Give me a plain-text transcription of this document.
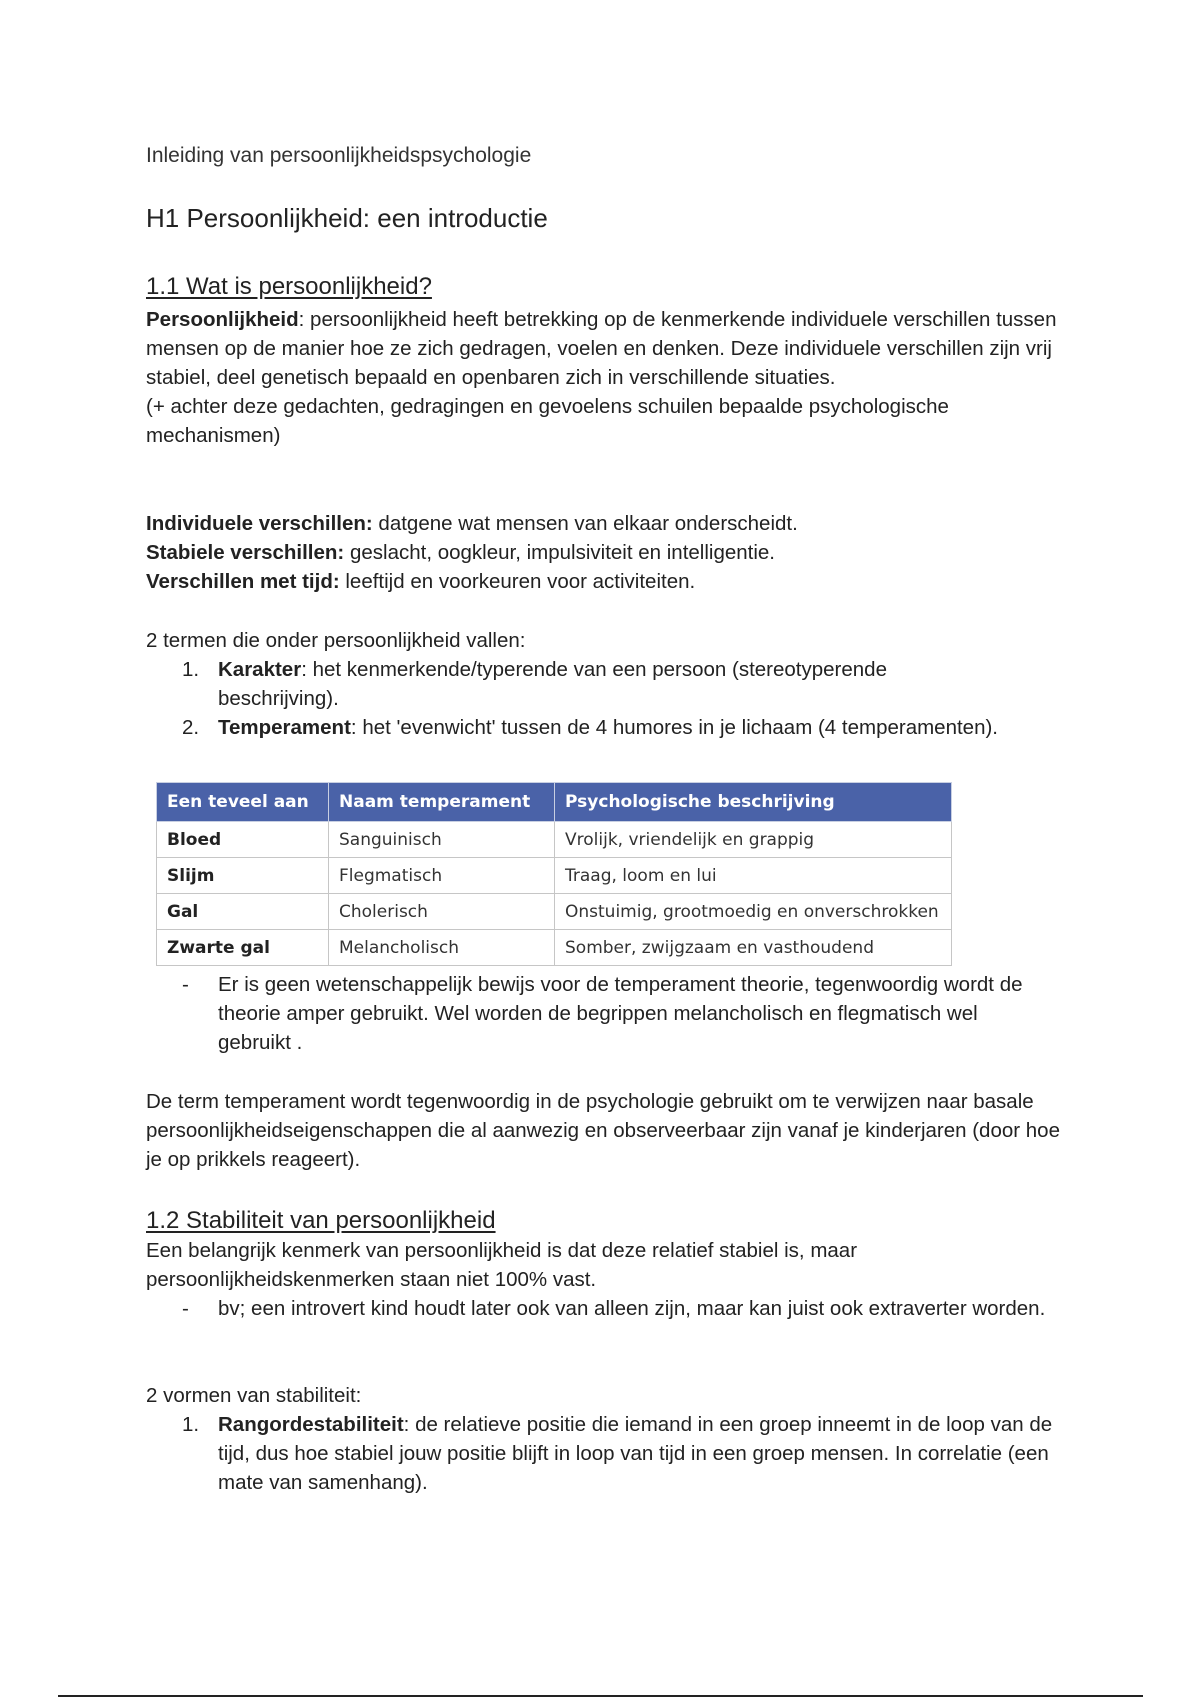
Inleiding van persoonlijkheidspsychologie
H1 Persoonlijkheid: een introductie
1.1 Wat is persoonlijkheid?

Persoonlijkheid: persoonlijkheid heeft betrekking op de kenmerkende individuele verschillen tussen mensen op de manier hoe ze zich gedragen, voelen en denken. Deze individuele verschillen zijn vrij stabiel, deel genetisch bepaald en openbaren zich in verschillende situaties.

(+ achter deze gedachten, gedragingen en gevoelens schuilen bepaalde psychologische mechanismen)

Individuele verschillen: datgene wat mensen van elkaar onderscheidt.

Stabiele verschillen: geslacht, oogkleur, impulsiviteit en intelligentie.

Verschillen met tijd: leeftijd en voorkeuren voor activiteiten.

2 termen die onder persoonlijkheid vallen:

1. Karakter: het kenmerkende/typerende van een persoon (stereotyperende beschrijving).
2. Temperament: het 'evenwicht' tussen de 4 humores in je lichaam (4 temperamenten).
Een teveel aan	Naam temperament	Psychologische beschrijving
Bloed	Sanguinisch	Vrolijk, vriendelijk en grappig
Slijm	Flegmatisch	Traag, loom en lui
Gal	Cholerisch	Onstuimig, grootmoedig en onverschrokken
Zwarte gal	Melancholisch	Somber, zwijgzaam en vasthoudend
- Er is geen wetenschappelijk bewijs voor de temperament theorie, tegenwoordig wordt de theorie amper gebruikt. Wel worden de begrippen melancholisch en flegmatisch wel gebruikt .
De term temperament wordt tegenwoordig in de psychologie gebruikt om te verwijzen naar basale persoonlijkheidseigenschappen die al aanwezig en observeerbaar zijn vanaf je kinderjaren (door hoe je op prikkels reageert).
1.2 Stabiliteit van persoonlijkheid
Een belangrijk kenmerk van persoonlijkheid is dat deze relatief stabiel is, maar persoonlijkheidskenmerken staan niet 100% vast.
- bv; een introvert kind houdt later ook van alleen zijn, maar kan juist ook extraverter worden.

2 vormen van stabiliteit:

1. Rangordestabiliteit: de relatieve positie die iemand in een groep inneemt in de loop van de tijd, dus hoe stabiel jouw positie blijft in loop van tijd in een groep mensen. In correlatie (een mate van samenhang).
